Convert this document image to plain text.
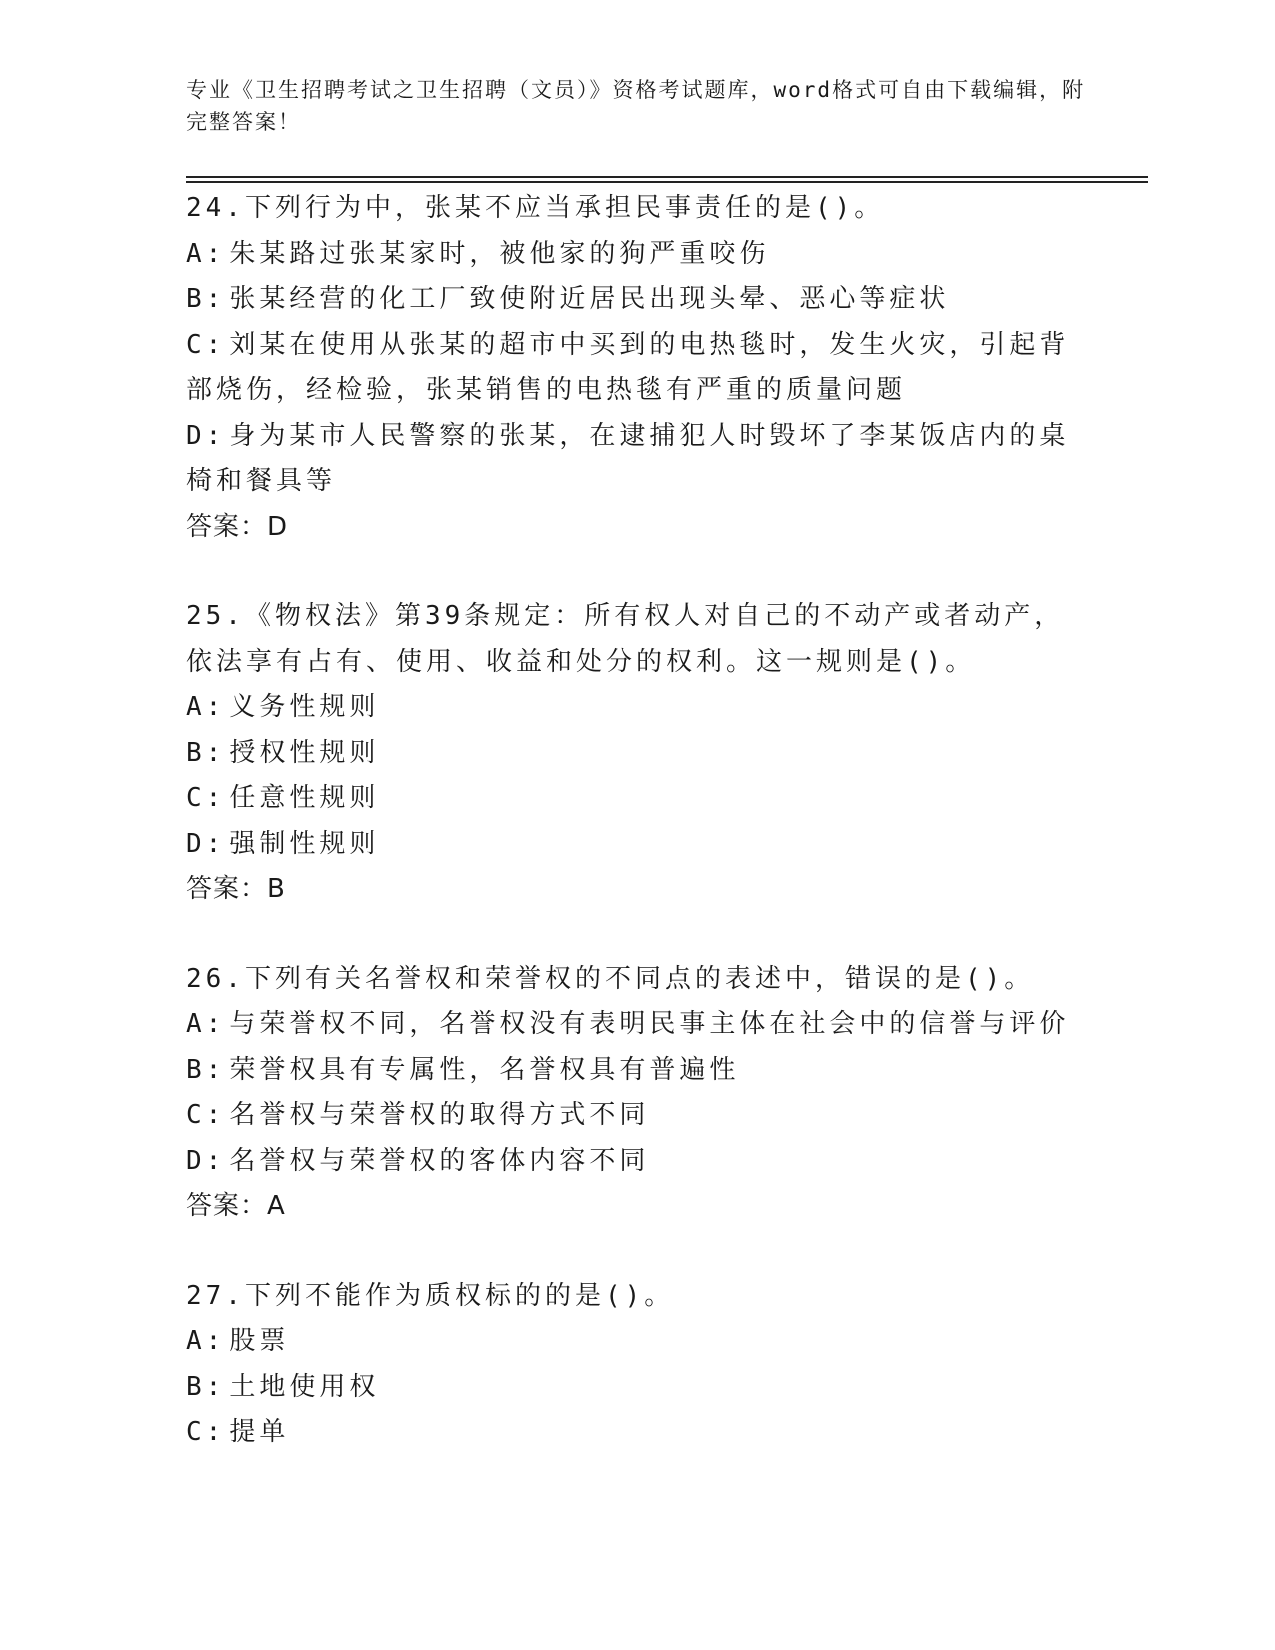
专业《卫生招聘考试之卫生招聘（文员）》资格考试题库，word格式可自由下载编辑，附完整答案！
24.下列行为中，张某不应当承担民事责任的是()。
A: 朱某路过张某家时，被他家的狗严重咬伤
B: 张某经营的化工厂致使附近居民出现头晕、恶心等症状
C: 刘某在使用从张某的超市中买到的电热毯时，发生火灾，引起背部烧伤，经检验，张某销售的电热毯有严重的质量问题
D: 身为某市人民警察的张某，在逮捕犯人时毁坏了李某饭店内的桌椅和餐具等
答案：D
25.《物权法》第39条规定：所有权人对自己的不动产或者动产，依法享有占有、使用、收益和处分的权利。这一规则是()。
A: 义务性规则
B: 授权性规则
C: 任意性规则
D: 强制性规则
答案：B
26.下列有关名誉权和荣誉权的不同点的表述中，错误的是()。
A: 与荣誉权不同，名誉权没有表明民事主体在社会中的信誉与评价
B: 荣誉权具有专属性，名誉权具有普遍性
C: 名誉权与荣誉权的取得方式不同
D: 名誉权与荣誉权的客体内容不同
答案：A
27.下列不能作为质权标的的是()。
A: 股票
B: 土地使用权
C: 提单
